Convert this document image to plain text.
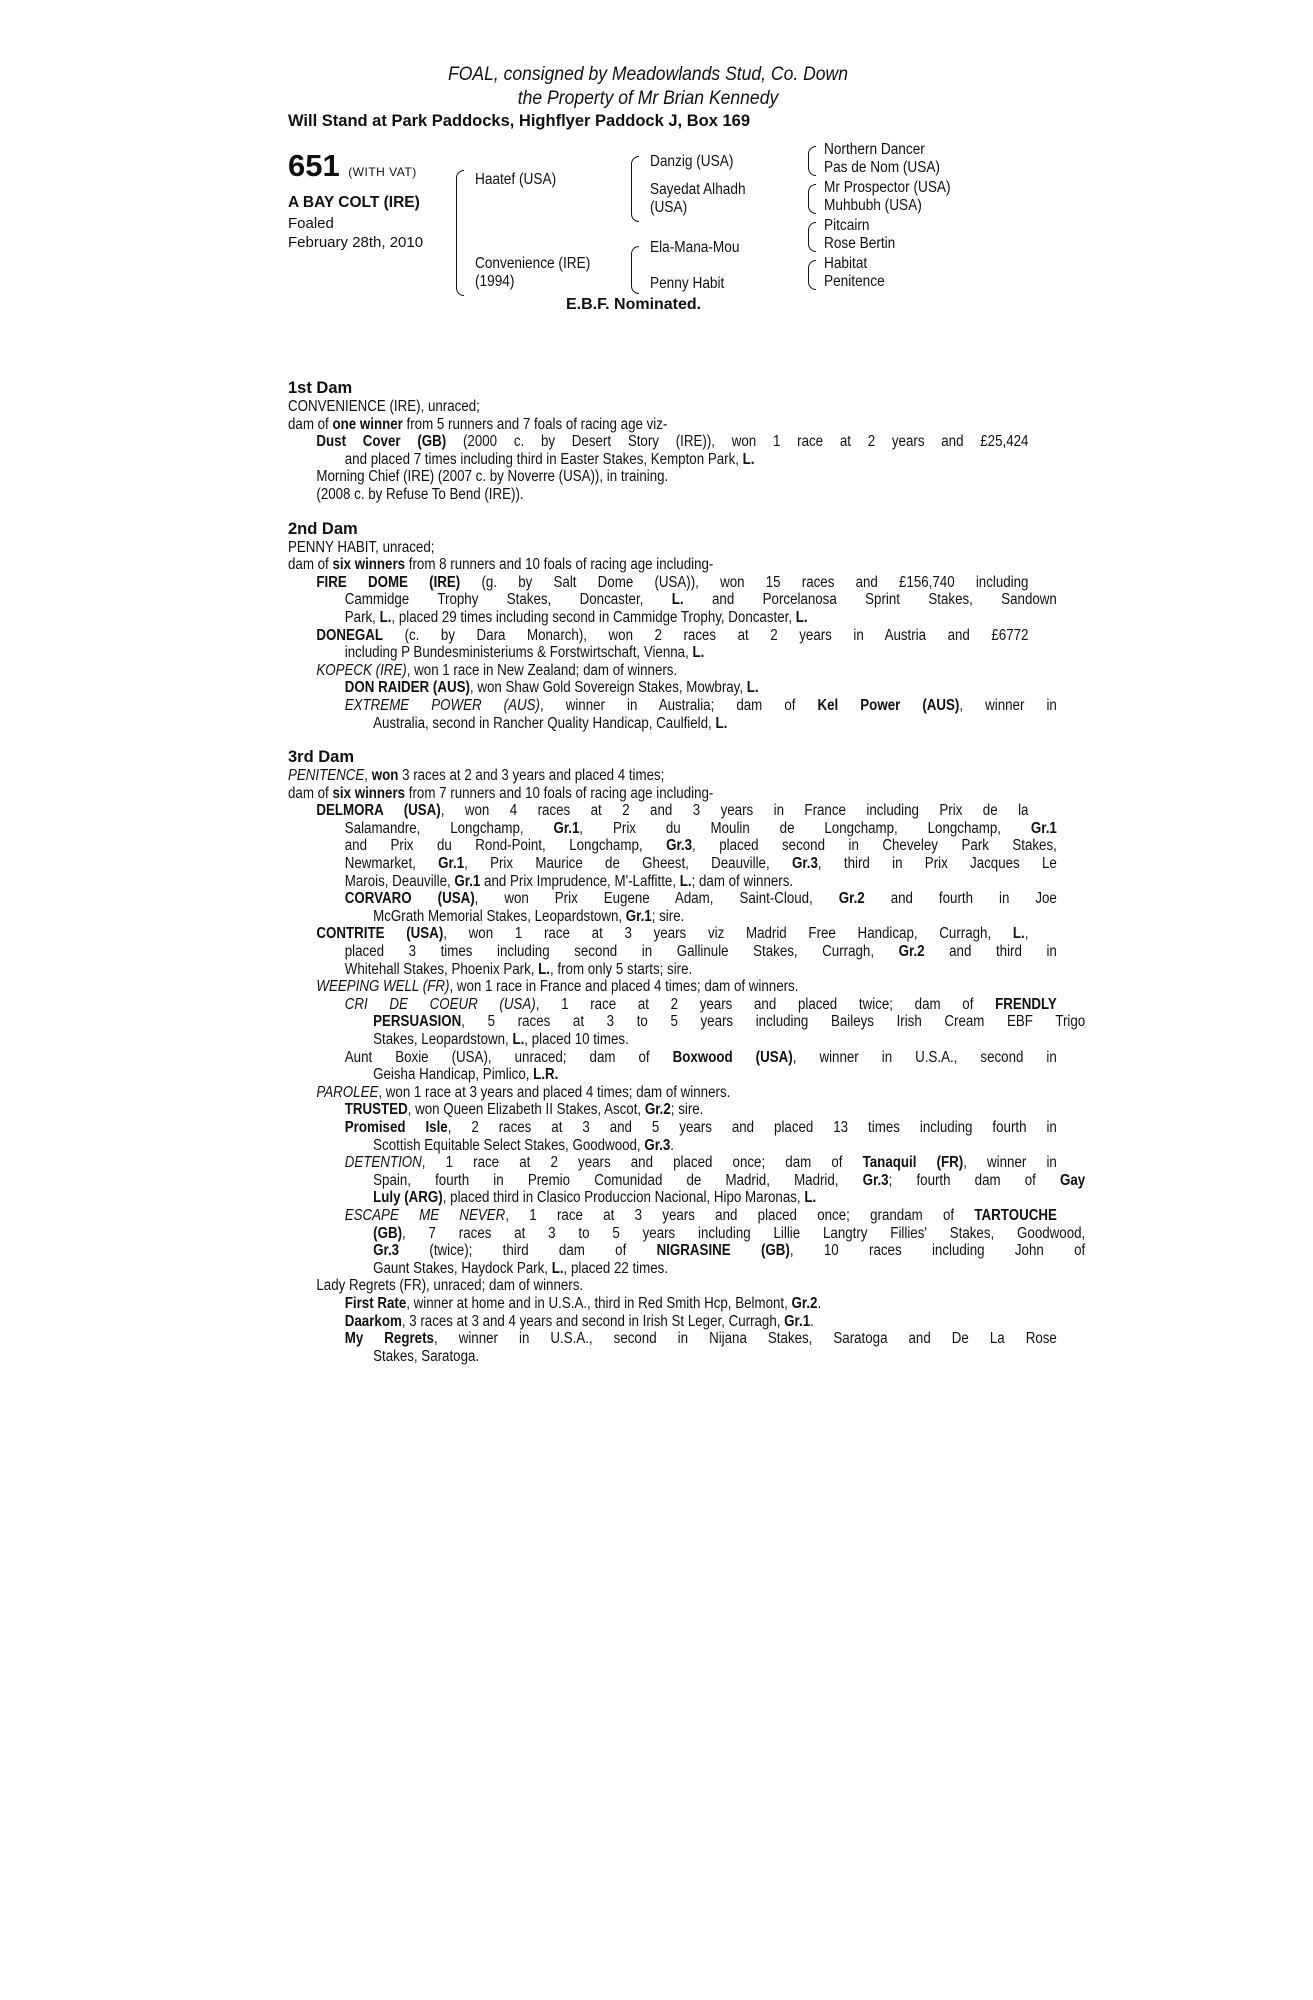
FOAL, consigned by Meadowlands Stud, Co. Down
the Property of Mr Brian Kennedy
Will Stand at Park Paddocks, Highflyer Paddock J, Box 169
651 (WITH VAT)
A BAY COLT (IRE)
Foaled
February 28th, 2010
Haatef (USA)
Convenience (IRE)
(1994)
Danzig (USA)
Sayedat Alhadh
(USA)
Ela-Mana-Mou
Penny Habit
Northern Dancer
Pas de Nom (USA)
Mr Prospector (USA)
Muhbubh (USA)
Pitcairn
Rose Bertin
Habitat
Penitence
E.B.F. Nominated.
1st Dam
CONVENIENCE (IRE), unraced;
dam of one winner from 5 runners and 7 foals of racing age viz-
Dust Cover (GB) (2000 c. by Desert Story (IRE)), won 1 race at 2 years and £25,424
and placed 7 times including third in Easter Stakes, Kempton Park, L.
Morning Chief (IRE) (2007 c. by Noverre (USA)), in training.
(2008 c. by Refuse To Bend (IRE)).
2nd Dam
PENNY HABIT, unraced;
dam of six winners from 8 runners and 10 foals of racing age including-
FIRE DOME (IRE) (g. by Salt Dome (USA)), won 15 races and £156,740 including
Cammidge Trophy Stakes, Doncaster, L. and Porcelanosa Sprint Stakes, Sandown
Park, L., placed 29 times including second in Cammidge Trophy, Doncaster, L.
DONEGAL (c. by Dara Monarch), won 2 races at 2 years in Austria and £6772
including P Bundesministeriums & Forstwirtschaft, Vienna, L.
KOPECK (IRE), won 1 race in New Zealand; dam of winners.
DON RAIDER (AUS), won Shaw Gold Sovereign Stakes, Mowbray, L.
EXTREME POWER (AUS), winner in Australia; dam of Kel Power (AUS), winner in
Australia, second in Rancher Quality Handicap, Caulfield, L.
3rd Dam
PENITENCE, won 3 races at 2 and 3 years and placed 4 times;
dam of six winners from 7 runners and 10 foals of racing age including-
DELMORA (USA), won 4 races at 2 and 3 years in France including Prix de la
Salamandre, Longchamp, Gr.1, Prix du Moulin de Longchamp, Longchamp, Gr.1
and Prix du Rond-Point, Longchamp, Gr.3, placed second in Cheveley Park Stakes,
Newmarket, Gr.1, Prix Maurice de Gheest, Deauville, Gr.3, third in Prix Jacques Le
Marois, Deauville, Gr.1 and Prix Imprudence, M'-Laffitte, L.; dam of winners.
CORVARO (USA), won Prix Eugene Adam, Saint-Cloud, Gr.2 and fourth in Joe
McGrath Memorial Stakes, Leopardstown, Gr.1; sire.
CONTRITE (USA), won 1 race at 3 years viz Madrid Free Handicap, Curragh, L.,
placed 3 times including second in Gallinule Stakes, Curragh, Gr.2 and third in
Whitehall Stakes, Phoenix Park, L., from only 5 starts; sire.
WEEPING WELL (FR), won 1 race in France and placed 4 times; dam of winners.
CRI DE COEUR (USA), 1 race at 2 years and placed twice; dam of FRENDLY
PERSUASION, 5 races at 3 to 5 years including Baileys Irish Cream EBF Trigo
Stakes, Leopardstown, L., placed 10 times.
Aunt Boxie (USA), unraced; dam of Boxwood (USA), winner in U.S.A., second in
Geisha Handicap, Pimlico, L.R.
PAROLEE, won 1 race at 3 years and placed 4 times; dam of winners.
TRUSTED, won Queen Elizabeth II Stakes, Ascot, Gr.2; sire.
Promised Isle, 2 races at 3 and 5 years and placed 13 times including fourth in
Scottish Equitable Select Stakes, Goodwood, Gr.3.
DETENTION, 1 race at 2 years and placed once; dam of Tanaquil (FR), winner in
Spain, fourth in Premio Comunidad de Madrid, Madrid, Gr.3; fourth dam of Gay
Luly (ARG), placed third in Clasico Produccion Nacional, Hipo Maronas, L.
ESCAPE ME NEVER, 1 race at 3 years and placed once; grandam of TARTOUCHE
(GB), 7 races at 3 to 5 years including Lillie Langtry Fillies' Stakes, Goodwood,
Gr.3 (twice); third dam of NIGRASINE (GB), 10 races including John of
Gaunt Stakes, Haydock Park, L., placed 22 times.
Lady Regrets (FR), unraced; dam of winners.
First Rate, winner at home and in U.S.A., third in Red Smith Hcp, Belmont, Gr.2.
Daarkom, 3 races at 3 and 4 years and second in Irish St Leger, Curragh, Gr.1.
My Regrets, winner in U.S.A., second in Nijana Stakes, Saratoga and De La Rose
Stakes, Saratoga.
